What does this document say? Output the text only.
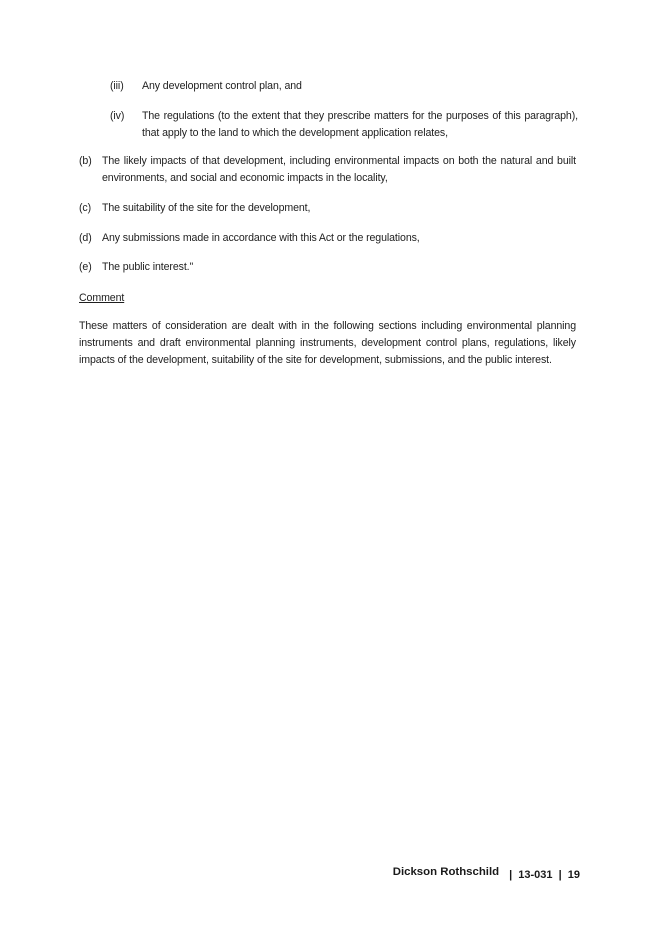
(iii) Any development control plan, and
(iv) The regulations (to the extent that they prescribe matters for the purposes of this paragraph), that apply to the land to which the development application relates,
(b) The likely impacts of that development, including environmental impacts on both the natural and built environments, and social and economic impacts in the locality,
(c) The suitability of the site for the development,
(d) Any submissions made in accordance with this Act or the regulations,
(e) The public interest."
Comment
These matters of consideration are dealt with in the following sections including environmental planning instruments and draft environmental planning instruments, development control plans, regulations, likely impacts of the development, suitability of the site for development, submissions, and the public interest.
Dickson Rothschild | 13-031 | 19
